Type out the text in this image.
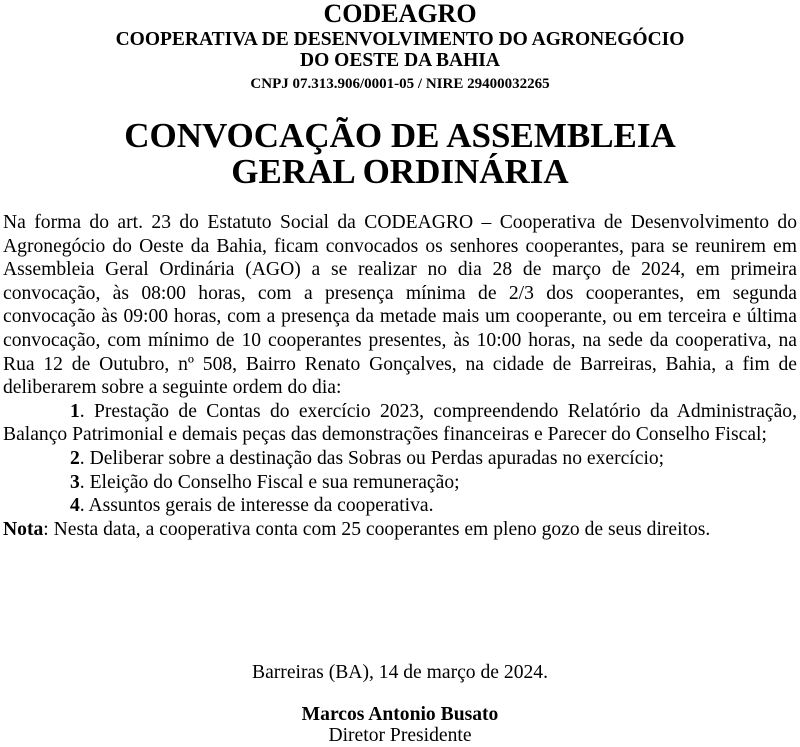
CODEAGRO
COOPERATIVA DE DESENVOLVIMENTO DO AGRONEGÓCIO
DO OESTE DA BAHIA
CNPJ 07.313.906/0001-05 / NIRE 29400032265
CONVOCAÇÃO DE ASSEMBLEIA
GERAL ORDINÁRIA

Na forma do art. 23 do Estatuto Social da CODEAGRO – Cooperativa de Desenvolvimento do Agronegócio do Oeste da Bahia, ficam convocados os senhores cooperantes, para se reunirem em Assembleia Geral Ordinária (AGO) a se realizar no dia 28 de março de 2024, em primeira convocação, às 08:00 horas, com a presença mínima de 2/3 dos cooperantes, em segunda convocação às 09:00 horas, com a presença da metade mais um cooperante, ou em terceira e última convocação, com mínimo de 10 cooperantes presentes, às 10:00 horas, na sede da cooperativa, na Rua 12 de Outubro, nº 508, Bairro Renato Gonçalves, na cidade de Barreiras, Bahia, a fim de deliberarem sobre a seguinte ordem do dia:

1. Prestação de Contas do exercício 2023, compreendendo Relatório da Administração, Balanço Patrimonial e demais peças das demonstrações financeiras e Parecer do Conselho Fiscal;

2. Deliberar sobre a destinação das Sobras ou Perdas apuradas no exercício;

3. Eleição do Conselho Fiscal e sua remuneração;

4. Assuntos gerais de interesse da cooperativa.

Nota: Nesta data, a cooperativa conta com 25 cooperantes em pleno gozo de seus direitos.

Barreiras (BA), 14 de março de 2024.
Marcos Antonio Busato
Diretor Presidente
